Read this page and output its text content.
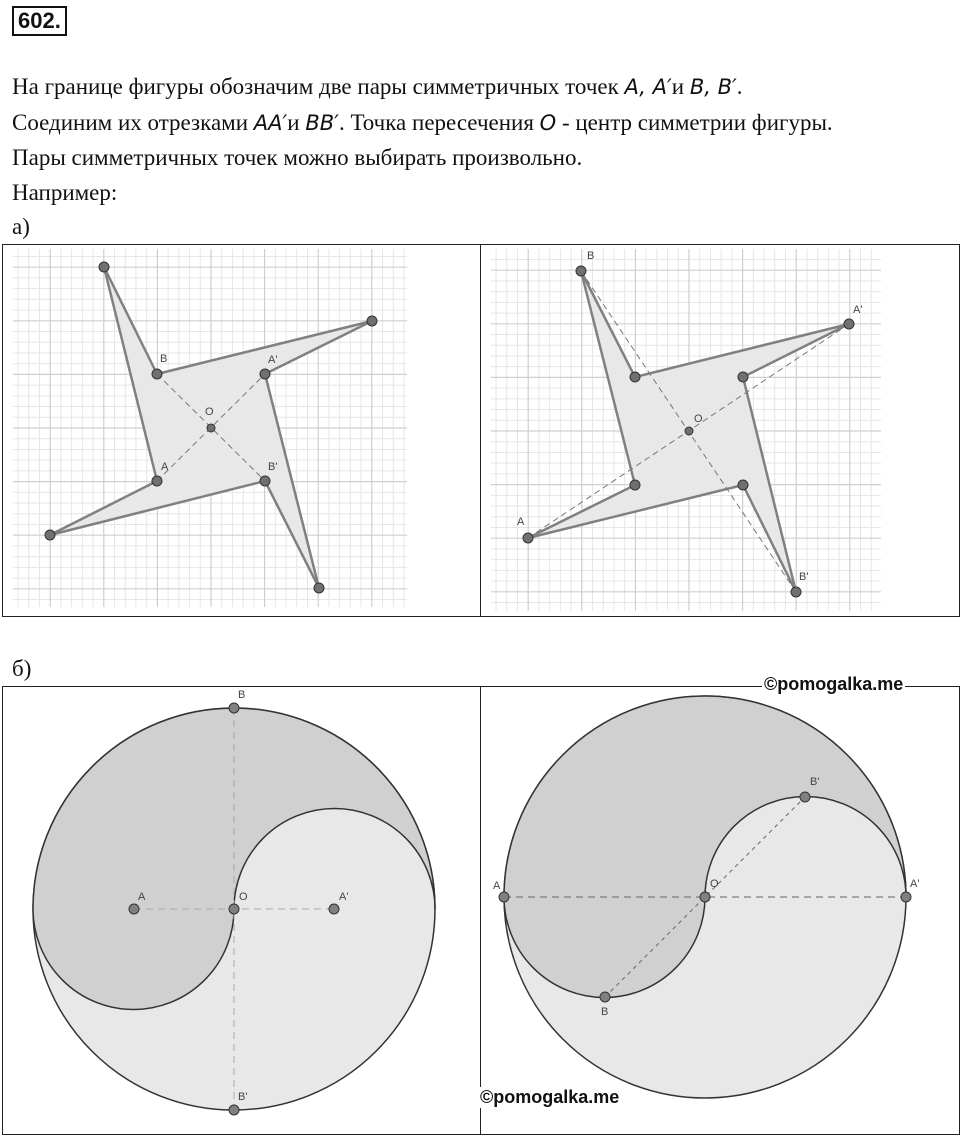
602.
На границе фигуры обозначим две пары симметричных точек A, A′и B, B′.
Соединим их отрезками AA′и BB′. Точка пересечения O - центр симметрии фигуры.
Пары симметричных точек можно выбирать произвольно.
Например:
а)
B	A'
O
A	B'
B
A'
O
A
B'
б)
B
B'
A	A'
O
A	A'
O
B
B'
©pomogalka.me
©pomogalka.me
